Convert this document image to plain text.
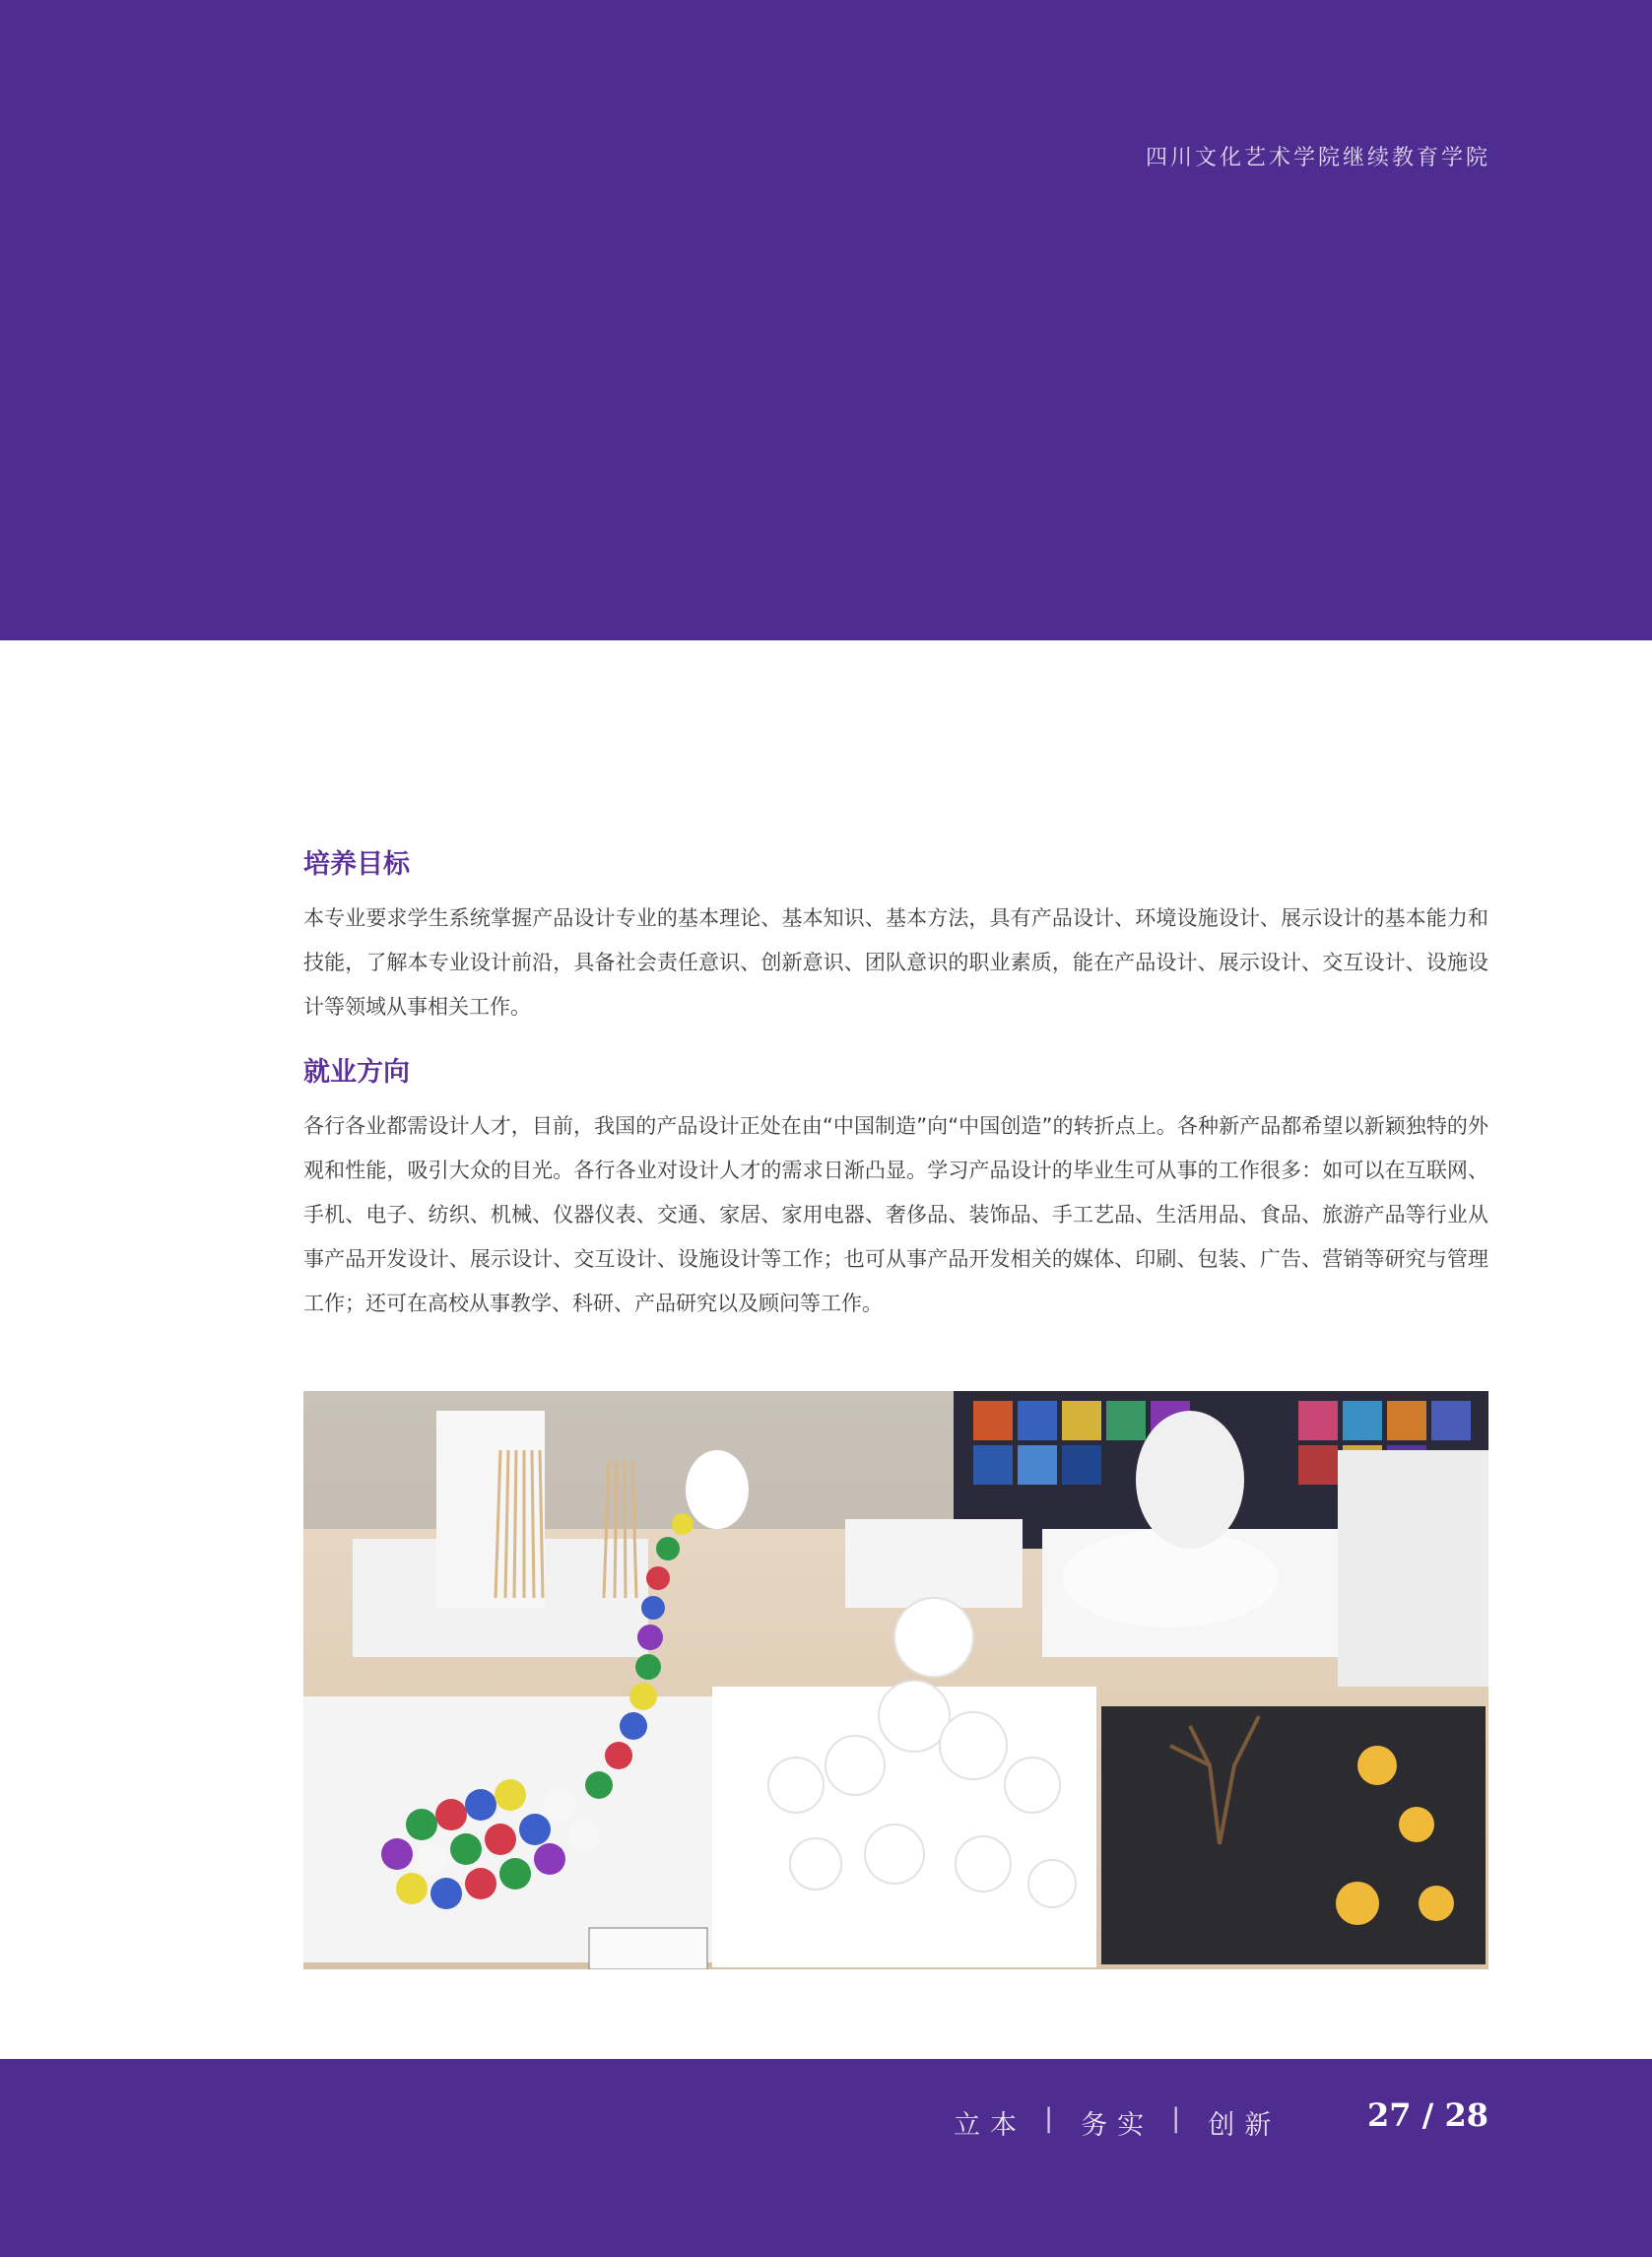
四川文化艺术学院继续教育学院
培养目标

本专业要求学生系统掌握产品设计专业的基本理论、基本知识、基本方法，具有产品设计、环境设施设计、展示设计的基本能力和技能，了解本专业设计前沿，具备社会责任意识、创新意识、团队意识的职业素质，能在产品设计、展示设计、交互设计、设施设计等领域从事相关工作。

就业方向

各行各业都需设计人才，目前，我国的产品设计正处在由“中国制造”向“中国创造”的转折点上。各种新产品都希望以新颖独特的外观和性能，吸引大众的目光。各行各业对设计人才的需求日渐凸显。学习产品设计的毕业生可从事的工作很多：如可以在互联网、手机、电子、纺织、机械、仪器仪表、交通、家居、家用电器、奢侈品、装饰品、手工艺品、生活用品、食品、旅游产品等行业从事产品开发设计、展示设计、交互设计、设施设计等工作；也可从事产品开发相关的媒体、印刷、包装、广告、营销等研究与管理工作；还可在高校从事教学、科研、产品研究以及顾问等工作。

立本 | 务实 | 创新	27 / 28
